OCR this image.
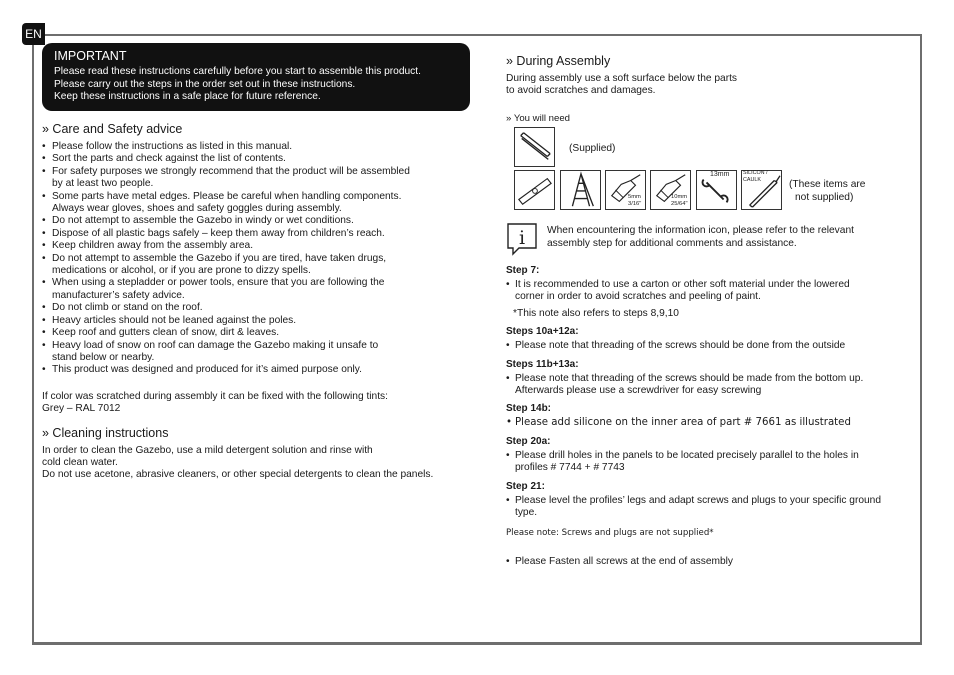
EN
IMPORTANT
Please read these instructions carefully before you start to assemble this product.
Please carry out the steps in the order set out in these instructions.
Keep these instructions in a safe place for future reference.
» Care and Safety advice
• Please follow the instructions as listed in this manual.
• Sort the parts and check against the list of contents.
• For safety purposes we strongly recommend that the product will be assembled
by at least two people.
• Some parts have metal edges. Please be careful when handling components.
Always wear gloves, shoes and safety goggles during assembly.
• Do not attempt to assemble the Gazebo in windy or wet conditions.
• Dispose of all plastic bags safely – keep them away from children’s reach.
• Keep children away from the assembly area.
• Do not attempt to assemble the Gazebo if you are tired, have taken drugs,
medications or alcohol, or if you are prone to dizzy spells.
• When using a stepladder or power tools, ensure that you are following the
manufacturer’s safety advice.
• Do not climb or stand on the roof.
• Heavy articles should not be leaned against the poles.
• Keep roof and gutters clean of snow, dirt & leaves.
• Heavy load of snow on roof can damage the Gazebo making it unsafe to
stand below or nearby.
• This product was designed and produced for it’s aimed purpose only.
If color was scratched during assembly it can be fixed with the following tints:
Grey – RAL 7012
» Cleaning instructions
In order to clean the Gazebo, use a mild detergent solution and rinse with
cold clean water.
Do not use acetone, abrasive cleaners, or other special detergents to clean the panels.
» During Assembly
During assembly use a soft surface below the parts
to avoid scratches and damages.
» You will need
(Supplied)
5mm
3/16"
10mm
25/64"
13mm	SILICON /
CAULK	(These items are
not supplied)
i When encountering the information icon, please refer to the relevant
assembly step for additional comments and assistance.
Step 7:
• It is recommended to use a carton or other soft material under the lowered
corner in order to avoid scratches and peeling of paint.
*This note also refers to steps 8,9,10
Steps 10a+12a:
• Please note that threading of the screws should be done from the outside
Steps 11b+13a:
• Please note that threading of the screws should be made from the bottom up.
Afterwards please use a screwdriver for easy screwing
Step 14b:
• Please add silicone on the inner area of part # 7661 as illustrated
Step 20a:
• Please drill holes in the panels to be located precisely parallel to the holes in
profiles # 7744 + # 7743
Step 21:
• Please level the profiles’ legs and adapt screws and plugs to your specific ground
type.
Please note: Screws and plugs are not supplied*
• Please Fasten all screws at the end of assembly
